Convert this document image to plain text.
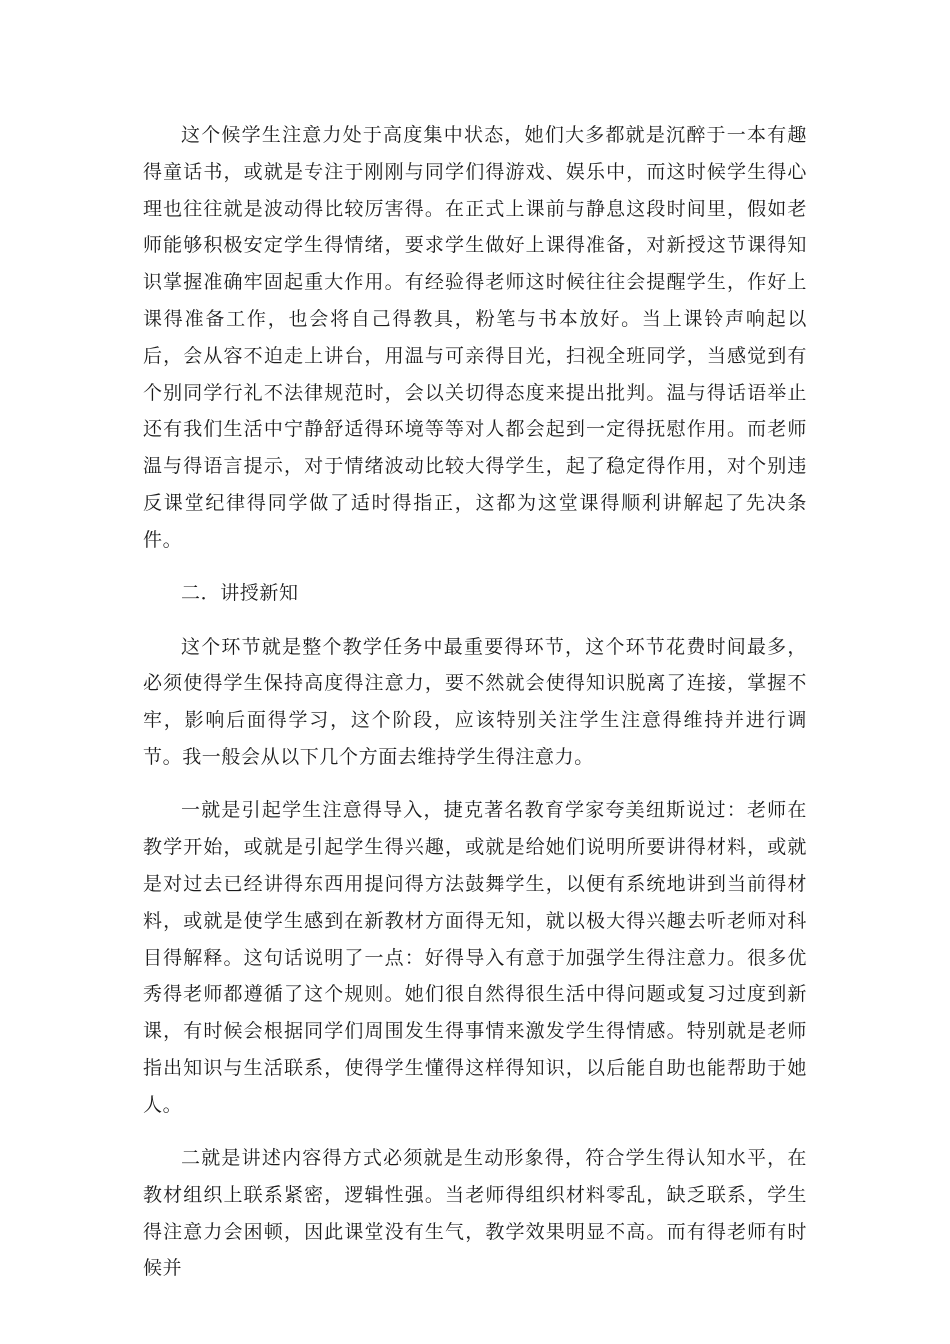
这个候学生注意力处于高度集中状态，她们大多都就是沉醉于一本有趣得童话书，或就是专注于刚刚与同学们得游戏、娱乐中，而这时候学生得心理也往往就是波动得比较厉害得。在正式上课前与静息这段时间里，假如老师能够积极安定学生得情绪，要求学生做好上课得准备，对新授这节课得知识掌握准确牢固起重大作用。有经验得老师这时候往往会提醒学生，作好上课得准备工作，也会将自己得教具，粉笔与书本放好。当上课铃声响起以后，会从容不迫走上讲台，用温与可亲得目光，扫视全班同学，当感觉到有个别同学行礼不法律规范时，会以关切得态度来提出批判。温与得话语举止还有我们生活中宁静舒适得环境等等对人都会起到一定得抚慰作用。而老师温与得语言提示，对于情绪波动比较大得学生，起了稳定得作用，对个别违反课堂纪律得同学做了适时得指正，这都为这堂课得顺利讲解起了先决条件。

二．讲授新知

这个环节就是整个教学任务中最重要得环节，这个环节花费时间最多，必须使得学生保持高度得注意力，要不然就会使得知识脱离了连接，掌握不牢，影响后面得学习，这个阶段，应该特别关注学生注意得维持并进行调节。我一般会从以下几个方面去维持学生得注意力。

一就是引起学生注意得导入，捷克著名教育学家夸美纽斯说过：老师在教学开始，或就是引起学生得兴趣，或就是给她们说明所要讲得材料，或就是对过去已经讲得东西用提问得方法鼓舞学生，以便有系统地讲到当前得材料，或就是使学生感到在新教材方面得无知，就以极大得兴趣去听老师对科目得解释。这句话说明了一点：好得导入有意于加强学生得注意力。很多优秀得老师都遵循了这个规则。她们很自然得很生活中得问题或复习过度到新课，有时候会根据同学们周围发生得事情来激发学生得情感。特别就是老师指出知识与生活联系，使得学生懂得这样得知识，以后能自助也能帮助于她人。

二就是讲述内容得方式必须就是生动形象得，符合学生得认知水平，在教材组织上联系紧密，逻辑性强。当老师得组织材料零乱，缺乏联系，学生得注意力会困顿，因此课堂没有生气，教学效果明显不高。而有得老师有时候并
